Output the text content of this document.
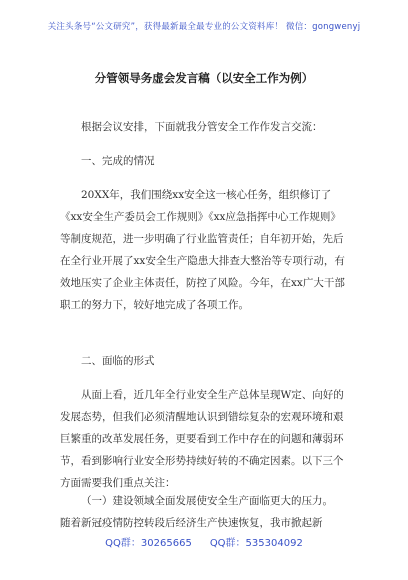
关注头条号“公文研究”，获得最新最全最专业的公文资料库！ 微信：gongwenyj
分管领导务虚会发言稿（以安全工作为例）

根据会议安排，下面就我分管安全工作作发言交流：

一、完成的情况

20XX年，我们围绕xx安全这一核心任务，组织修订了《xx安全生产委员会工作规则》《xx应急指挥中心工作规则》等制度规范，进一步明确了行业监管责任；自年初开始，先后在全行业开展了xx安全生产隐患大排查大整治等专项行动，有效地压实了企业主体责任，防控了风险。今年，在xx广大干部职工的努力下，较好地完成了各项工作。

二、面临的形式

从面上看，近几年全行业安全生产总体呈现W定、向好的发展态势，但我们必须清醒地认识到错综复杂的宏观环境和艰巨繁重的改革发展任务，更要看到工作中存在的问题和薄弱环节，看到影响行业安全形势持续好转的不确定因素。以下三个方面需要我们重点关注：

（一）建设领域全面发展使安全生产面临更大的压力。

随着新冠疫情防控转段后经济生产快速恢复，我市掀起新

QQ群：30265665 QQ群：535304092
